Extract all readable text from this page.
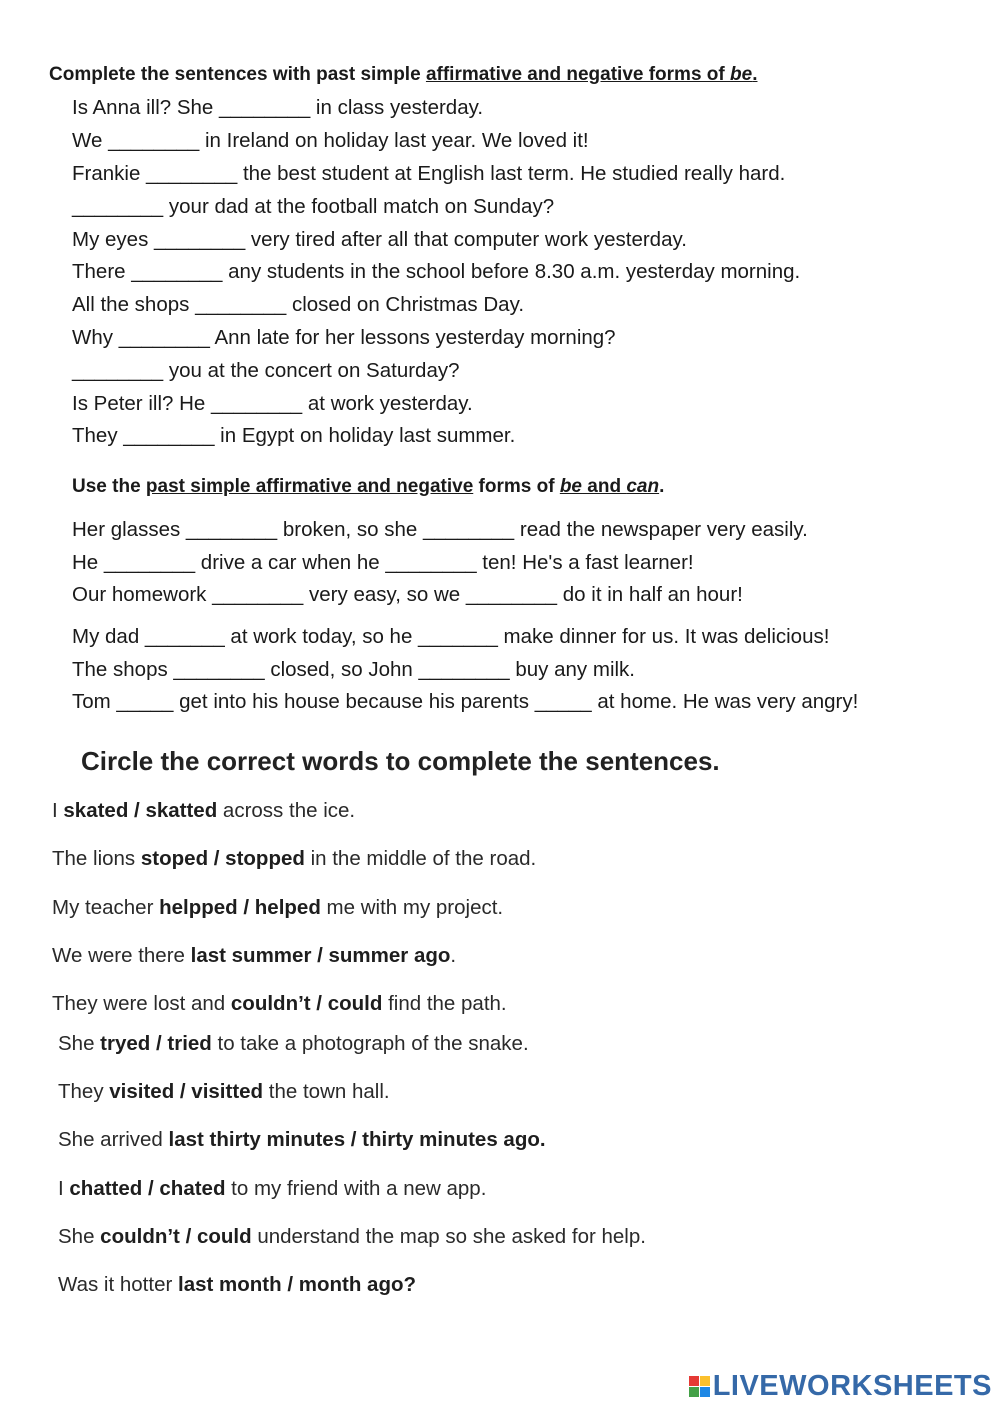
Complete the sentences with past simple affirmative and negative forms of be.
Is Anna ill? She ________ in class yesterday.
We ________ in Ireland on holiday last year. We loved it!
Frankie ________ the best student at English last term. He studied really hard.
________ your dad at the football match on Sunday?
My eyes ________ very tired after all that computer work yesterday.
There ________ any students in the school before 8.30 a.m. yesterday morning.
All the shops ________ closed on Christmas Day.
Why ________ Ann late for her lessons yesterday morning?
________ you at the concert on Saturday?
Is Peter ill? He ________ at work yesterday.
They ________ in Egypt on holiday last summer.
Use the past simple affirmative and negative forms of be and can.
Her glasses ________ broken, so she ________ read the newspaper very easily.
He ________ drive a car when he ________ ten! He's a fast learner!
Our homework ________ very easy, so we ________ do it in half an hour!
My dad _______ at work today, so he _______ make dinner for us. It was delicious!
The shops ________ closed, so John ________ buy any milk.
Tom _____ get into his house because his parents _____ at home. He was very angry!
Circle the correct words to complete the sentences.
I skated / skatted across the ice.
The lions stoped / stopped in the middle of the road.
My teacher helpped / helped me with my project.
We were there last summer / summer ago.
They were lost and couldn’t / could find the path.
She tryed / tried to take a photograph of the snake.
They visited / visitted the town hall.
She arrived last thirty minutes / thirty minutes ago.
I chatted / chated to my friend with a new app.
She couldn’t / could understand the map so she asked for help.
Was it hotter last month / month ago?
LIVEWORKSHEETS
